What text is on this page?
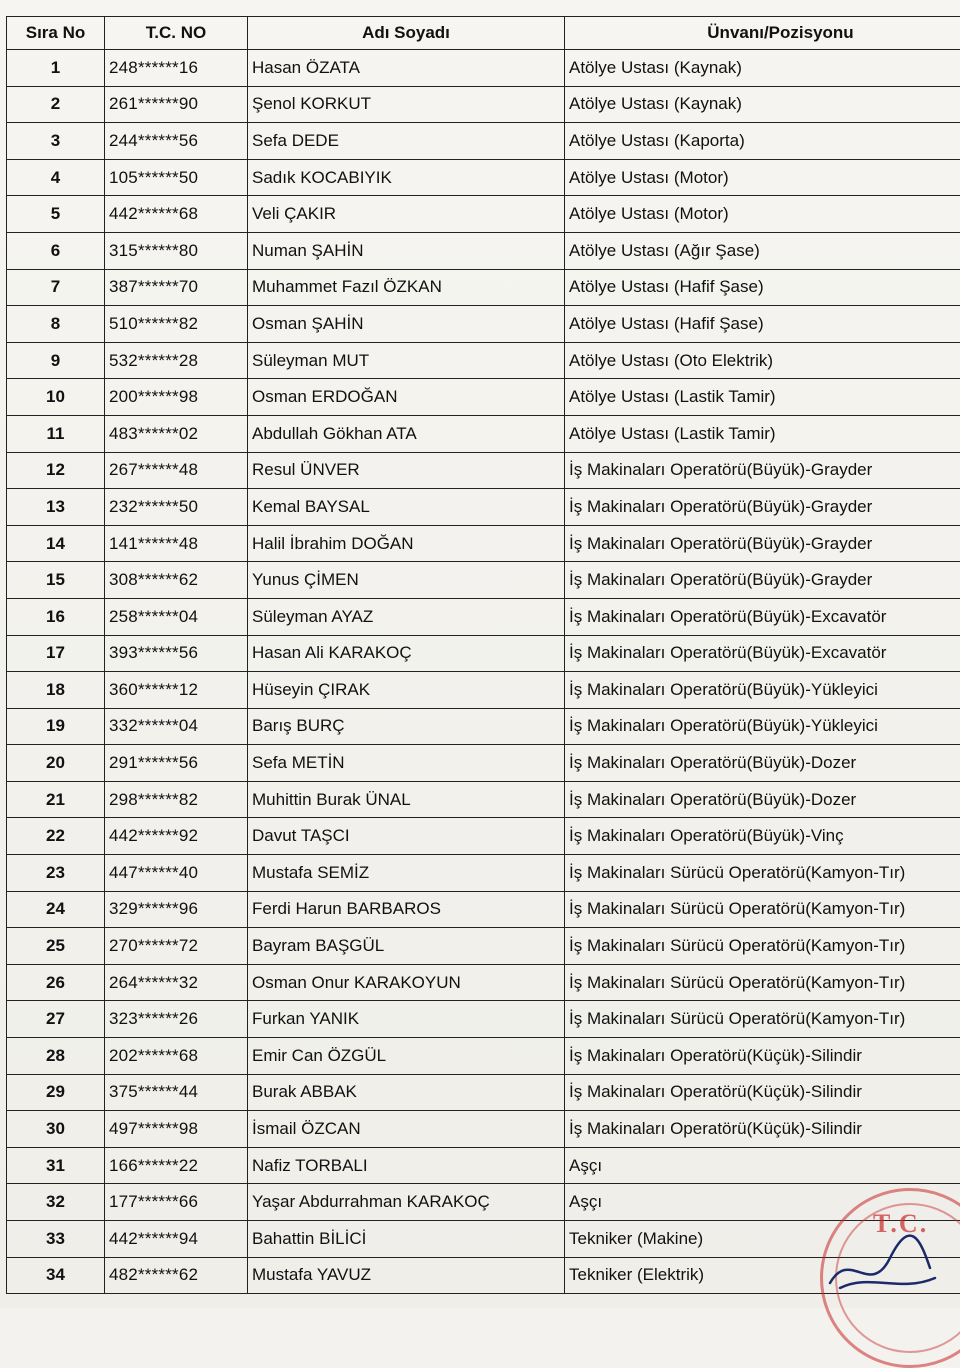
Sıra No	T.C. NO	Adı Soyadı	Ünvanı/Pozisyonu
1	248******16	Hasan ÖZATA	Atölye Ustası (Kaynak)
2	261******90	Şenol KORKUT	Atölye Ustası (Kaynak)
3	244******56	Sefa DEDE	Atölye Ustası (Kaporta)
4	105******50	Sadık KOCABIYIK	Atölye Ustası (Motor)
5	442******68	Veli ÇAKIR	Atölye Ustası (Motor)
6	315******80	Numan ŞAHİN	Atölye Ustası (Ağır Şase)
7	387******70	Muhammet Fazıl ÖZKAN	Atölye Ustası (Hafif Şase)
8	510******82	Osman ŞAHİN	Atölye Ustası (Hafif Şase)
9	532******28	Süleyman MUT	Atölye Ustası (Oto Elektrik)
10	200******98	Osman ERDOĞAN	Atölye Ustası (Lastik Tamir)
11	483******02	Abdullah Gökhan ATA	Atölye Ustası (Lastik Tamir)
12	267******48	Resul ÜNVER	İş Makinaları Operatörü(Büyük)-Grayder
13	232******50	Kemal BAYSAL	İş Makinaları Operatörü(Büyük)-Grayder
14	141******48	Halil İbrahim DOĞAN	İş Makinaları Operatörü(Büyük)-Grayder
15	308******62	Yunus ÇİMEN	İş Makinaları Operatörü(Büyük)-Grayder
16	258******04	Süleyman AYAZ	İş Makinaları Operatörü(Büyük)-Excavatör
17	393******56	Hasan Ali KARAKOÇ	İş Makinaları Operatörü(Büyük)-Excavatör
18	360******12	Hüseyin ÇIRAK	İş Makinaları Operatörü(Büyük)-Yükleyici
19	332******04	Barış BURÇ	İş Makinaları Operatörü(Büyük)-Yükleyici
20	291******56	Sefa METİN	İş Makinaları Operatörü(Büyük)-Dozer
21	298******82	Muhittin Burak ÜNAL	İş Makinaları Operatörü(Büyük)-Dozer
22	442******92	Davut TAŞCI	İş Makinaları Operatörü(Büyük)-Vinç
23	447******40	Mustafa SEMİZ	İş Makinaları Sürücü Operatörü(Kamyon-Tır)
24	329******96	Ferdi Harun BARBAROS	İş Makinaları Sürücü Operatörü(Kamyon-Tır)
25	270******72	Bayram BAŞGÜL	İş Makinaları Sürücü Operatörü(Kamyon-Tır)
26	264******32	Osman Onur KARAKOYUN	İş Makinaları Sürücü Operatörü(Kamyon-Tır)
27	323******26	Furkan YANIK	İş Makinaları Sürücü Operatörü(Kamyon-Tır)
28	202******68	Emir Can ÖZGÜL	İş Makinaları Operatörü(Küçük)-Silindir
29	375******44	Burak ABBAK	İş Makinaları Operatörü(Küçük)-Silindir
30	497******98	İsmail ÖZCAN	İş Makinaları Operatörü(Küçük)-Silindir
31	166******22	Nafiz TORBALI	Aşçı
32	177******66	Yaşar Abdurrahman KARAKOÇ	Aşçı
33	442******94	Bahattin BİLİCİ	Tekniker (Makine)
34	482******62	Mustafa YAVUZ	Tekniker (Elektrik)
T.C.
